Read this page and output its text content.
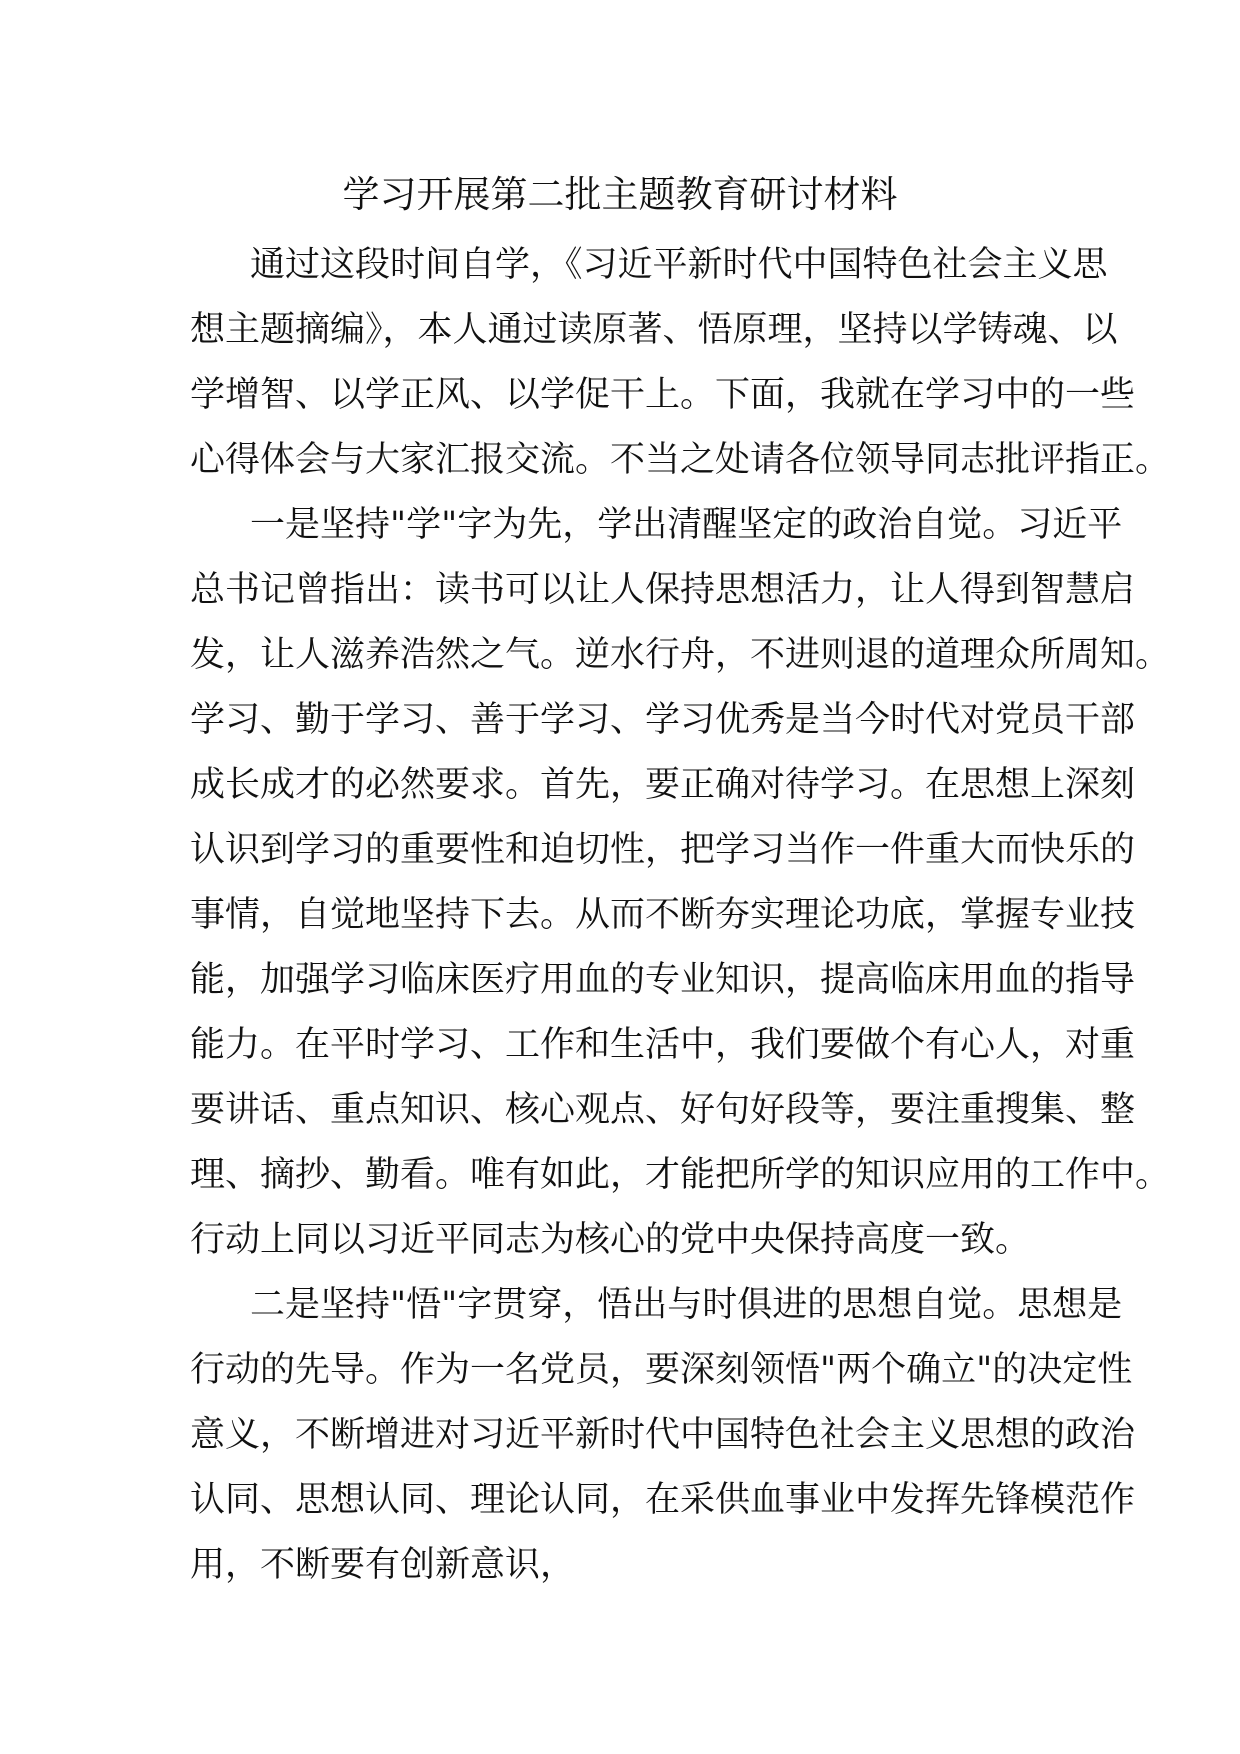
学习开展第二批主题教育研讨材料
通过这段时间自学，《习近平新时代中国特色社会主义思
想主题摘编》，本人通过读原著、悟原理，坚持以学铸魂、以
学增智、以学正风、以学促干上。下面，我就在学习中的一些
心得体会与大家汇报交流。不当之处请各位领导同志批评指正。
一是坚持"学"字为先，学出清醒坚定的政治自觉。习近平
总书记曾指出：读书可以让人保持思想活力，让人得到智慧启
发，让人滋养浩然之气。逆水行舟，不进则退的道理众所周知。
学习、勤于学习、善于学习、学习优秀是当今时代对党员干部
成长成才的必然要求。首先，要正确对待学习。在思想上深刻
认识到学习的重要性和迫切性，把学习当作一件重大而快乐的
事情，自觉地坚持下去。从而不断夯实理论功底，掌握专业技
能，加强学习临床医疗用血的专业知识，提高临床用血的指导
能力。在平时学习、工作和生活中，我们要做个有心人，对重
要讲话、重点知识、核心观点、好句好段等，要注重搜集、整
理、摘抄、勤看。唯有如此，才能把所学的知识应用的工作中。
行动上同以习近平同志为核心的党中央保持高度一致。
二是坚持"悟"字贯穿，悟出与时俱进的思想自觉。思想是
行动的先导。作为一名党员，要深刻领悟"两个确立"的决定性
意义，不断增进对习近平新时代中国特色社会主义思想的政治
认同、思想认同、理论认同，在采供血事业中发挥先锋模范作
用，不断要有创新意识，
